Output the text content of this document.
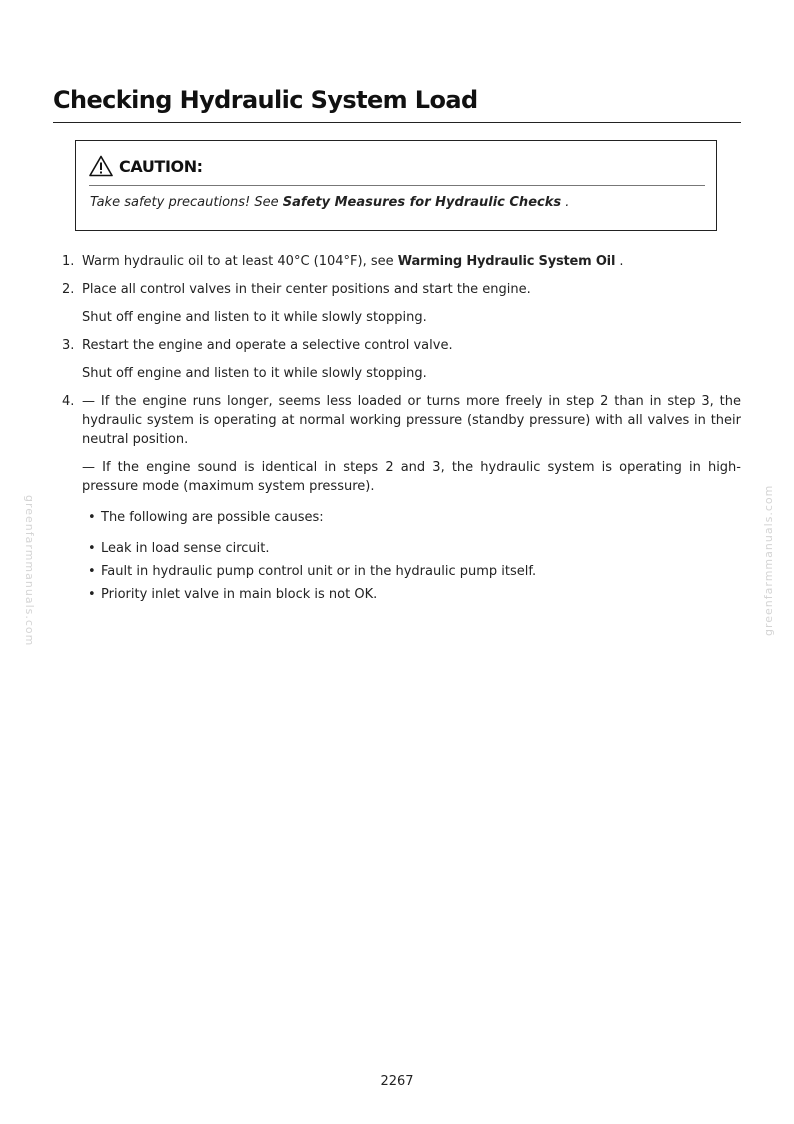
Checking Hydraulic System Load
CAUTION:
Take safety precautions! See Safety Measures for Hydraulic Checks .
1. Warm hydraulic oil to at least 40°C (104°F), see Warming Hydraulic System Oil .

2. Place all control valves in their center positions and start the engine.

Shut off engine and listen to it while slowly stopping.

3. Restart the engine and operate a selective control valve.

Shut off engine and listen to it while slowly stopping.

4. — If the engine runs longer, seems less loaded or turns more freely in step 2 than in step 3, the hydraulic system is operating at normal working pressure (standby pressure) with all valves in their neutral position.

— If the engine sound is identical in steps 2 and 3, the hydraulic system is operating in high-pressure mode (maximum system pressure).

• The following are possible causes:
• Leak in load sense circuit.
• Fault in hydraulic pump control unit or in the hydraulic pump itself.
• Priority inlet valve in main block is not OK.
greenfarmmanuals.com	greenfarmmanuals.com
2267
